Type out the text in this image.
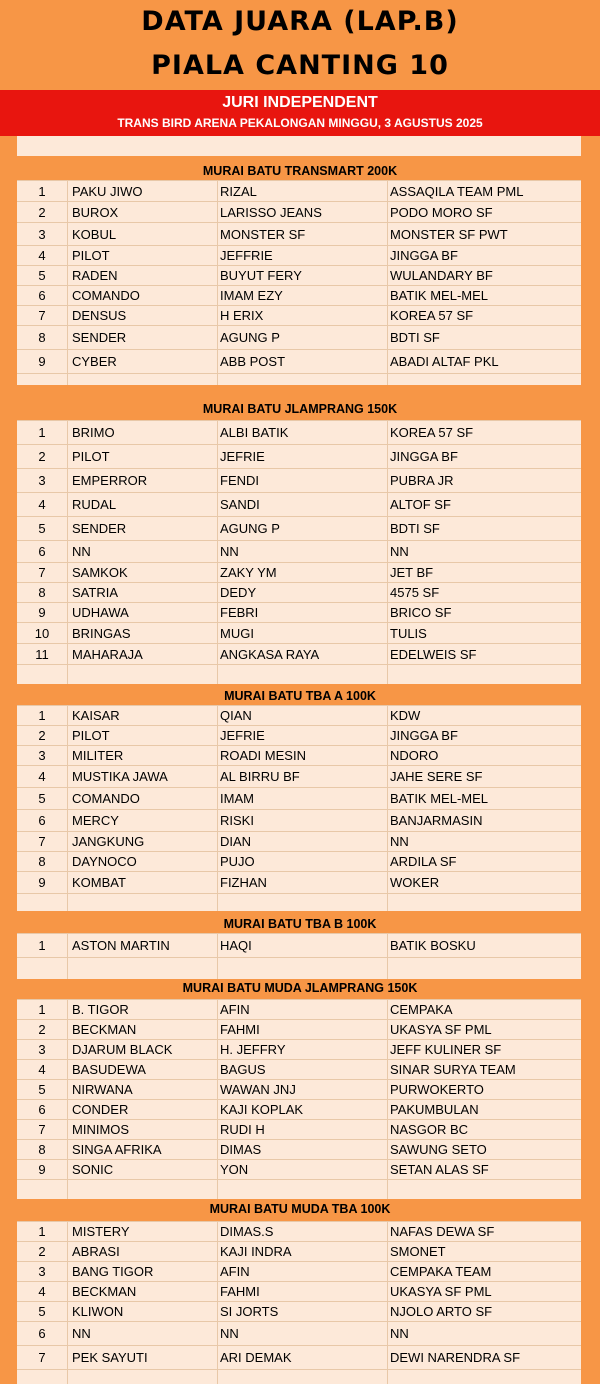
DATA JUARA (LAP.B)
PIALA CANTING 10
JURI INDEPENDENT
TRANS BIRD ARENA PEKALONGAN MINGGU, 3 AGUSTUS 2025
MURAI BATU TRANSMART 200K
1	PAKU JIWO	RIZAL	ASSAQILA TEAM PML
2	BUROX	LARISSO JEANS	PODO MORO SF
3	KOBUL	MONSTER SF	MONSTER SF PWT
4	PILOT	JEFFRIE	JINGGA BF
5	RADEN	BUYUT FERY	WULANDARY BF
6	COMANDO	IMAM EZY	BATIK MEL-MEL
7	DENSUS	H ERIX	KOREA 57 SF
8	SENDER	AGUNG P	BDTI SF
9	CYBER	ABB POST	ABADI ALTAF PKL
MURAI BATU JLAMPRANG 150K
1	BRIMO	ALBI BATIK	KOREA 57 SF
2	PILOT	JEFRIE	JINGGA BF
3	EMPERROR	FENDI	PUBRA JR
4	RUDAL	SANDI	ALTOF SF
5	SENDER	AGUNG P	BDTI SF
6	NN	NN	NN
7	SAMKOK	ZAKY YM	JET BF
8	SATRIA	DEDY	4575 SF
9	UDHAWA	FEBRI	BRICO SF
10	BRINGAS	MUGI	TULIS
11	MAHARAJA	ANGKASA RAYA	EDELWEIS SF
MURAI BATU TBA A 100K
1	KAISAR	QIAN	KDW
2	PILOT	JEFRIE	JINGGA BF
3	MILITER	ROADI MESIN	NDORO
4	MUSTIKA JAWA	AL BIRRU BF	JAHE SERE SF
5	COMANDO	IMAM	BATIK MEL-MEL
6	MERCY	RISKI	BANJARMASIN
7	JANGKUNG	DIAN	NN
8	DAYNOCO	PUJO	ARDILA SF
9	KOMBAT	FIZHAN	WOKER
MURAI BATU TBA B 100K
1	ASTON MARTIN	HAQI	BATIK BOSKU
MURAI BATU MUDA JLAMPRANG 150K
1	B. TIGOR	AFIN	CEMPAKA
2	BECKMAN	FAHMI	UKASYA SF PML
3	DJARUM BLACK	H. JEFFRY	JEFF KULINER SF
4	BASUDEWA	BAGUS	SINAR SURYA TEAM
5	NIRWANA	WAWAN JNJ	PURWOKERTO
6	CONDER	KAJI KOPLAK	PAKUMBULAN
7	MINIMOS	RUDI H	NASGOR BC
8	SINGA AFRIKA	DIMAS	SAWUNG SETO
9	SONIC	YON	SETAN ALAS SF
MURAI BATU MUDA TBA 100K
1	MISTERY	DIMAS.S	NAFAS DEWA SF
2	ABRASI	KAJI INDRA	SMONET
3	BANG TIGOR	AFIN	CEMPAKA TEAM
4	BECKMAN	FAHMI	UKASYA SF PML
5	KLIWON	SI JORTS	NJOLO ARTO SF
6	NN	NN	NN
7	PEK SAYUTI	ARI DEMAK	DEWI NARENDRA SF
